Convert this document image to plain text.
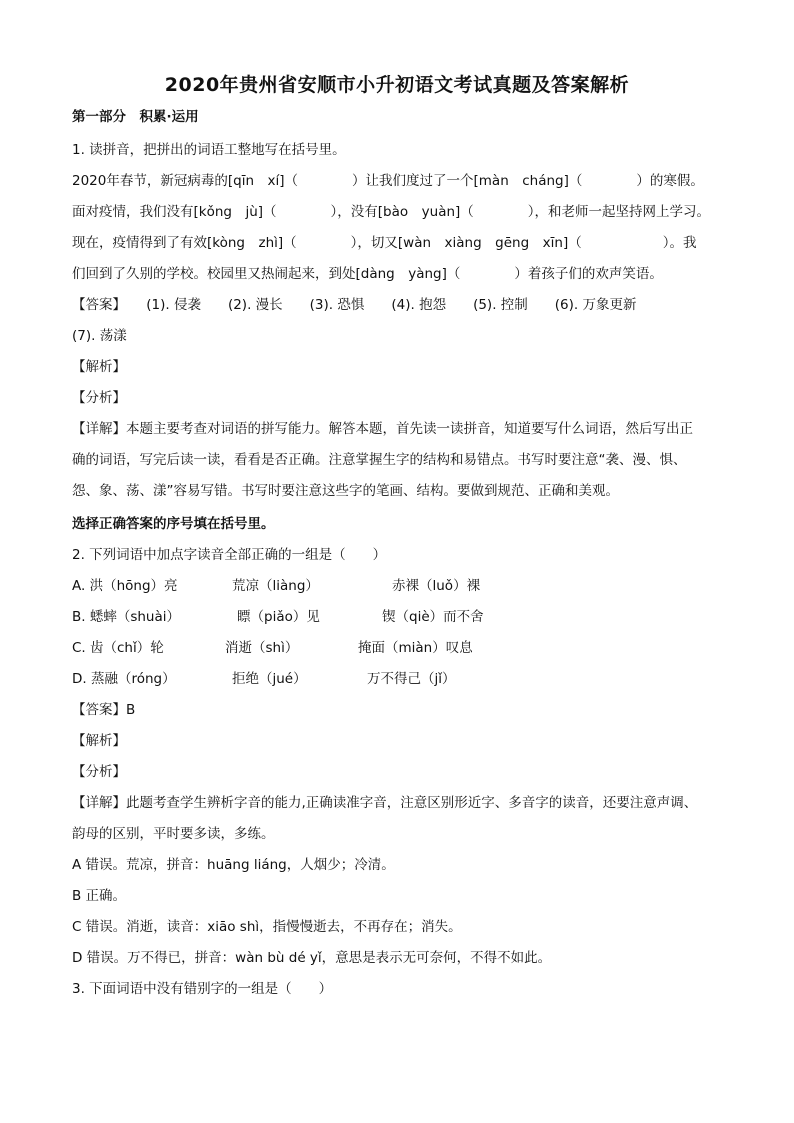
2020年贵州省安顺市小升初语文考试真题及答案解析
第一部分　积累·运用
1. 读拼音，把拼出的词语工整地写在括号里。
2020年春节，新冠病毒的[qīn　xí]（　　　　）让我们度过了一个[màn　cháng]（　　　　）的寒假。
面对疫情，我们没有[kǒng　jù]（　　　　），没有[bào　yuàn]（　　　　），和老师一起坚持网上学习。
现在，疫情得到了有效[kòng　zhì]（　　　　），切又[wàn　xiàng　gēng　xīn]（　　　　　　）。我
们回到了久别的学校。校园里又热闹起来，到处[dàng　yàng]（　　　　）着孩子们的欢声笑语。
【答案】　　(1). 侵袭　　(2). 漫长　　(3). 恐惧　　(4). 抱怨　　(5). 控制　　(6). 万象更新
(7). 荡漾
【解析】
【分析】
【详解】本题主要考查对词语的拼写能力。解答本题，首先读一读拼音，知道要写什么词语，然后写出正
确的词语，写完后读一读，看看是否正确。注意掌握生字的结构和易错点。书写时要注意“袭、漫、惧、
怨、象、荡、漾”容易写错。书写时要注意这些字的笔画、结构。要做到规范、正确和美观。
选择正确答案的序号填在括号里。
2. 下列词语中加点字读音全部正确的一组是（　　）
A. 洪（hōng）亮	荒凉（liàng）	赤裸（luǒ）裸
B. 蟋蟀（shuài）	瞟（piǎo）见	锲（qiè）而不舍
C. 齿（chǐ）轮	消逝（shì）	掩面（miàn）叹息
D. 蒸融（róng）	拒绝（jué）	万不得己（jǐ）
【答案】B
【解析】
【分析】
【详解】此题考查学生辨析字音的能力,正确读准字音，注意区别形近字、多音字的读音，还要注意声调、
韵母的区别，平时要多读，多练。
A 错误。荒凉，拼音：huāng liáng，人烟少；冷清。
B 正确。
C 错误。消逝，读音：xiāo shì，指慢慢逝去，不再存在；消失。
D 错误。万不得已，拼音：wàn bù dé yǐ，意思是表示无可奈何，不得不如此。
3. 下面词语中没有错别字的一组是（　　）
